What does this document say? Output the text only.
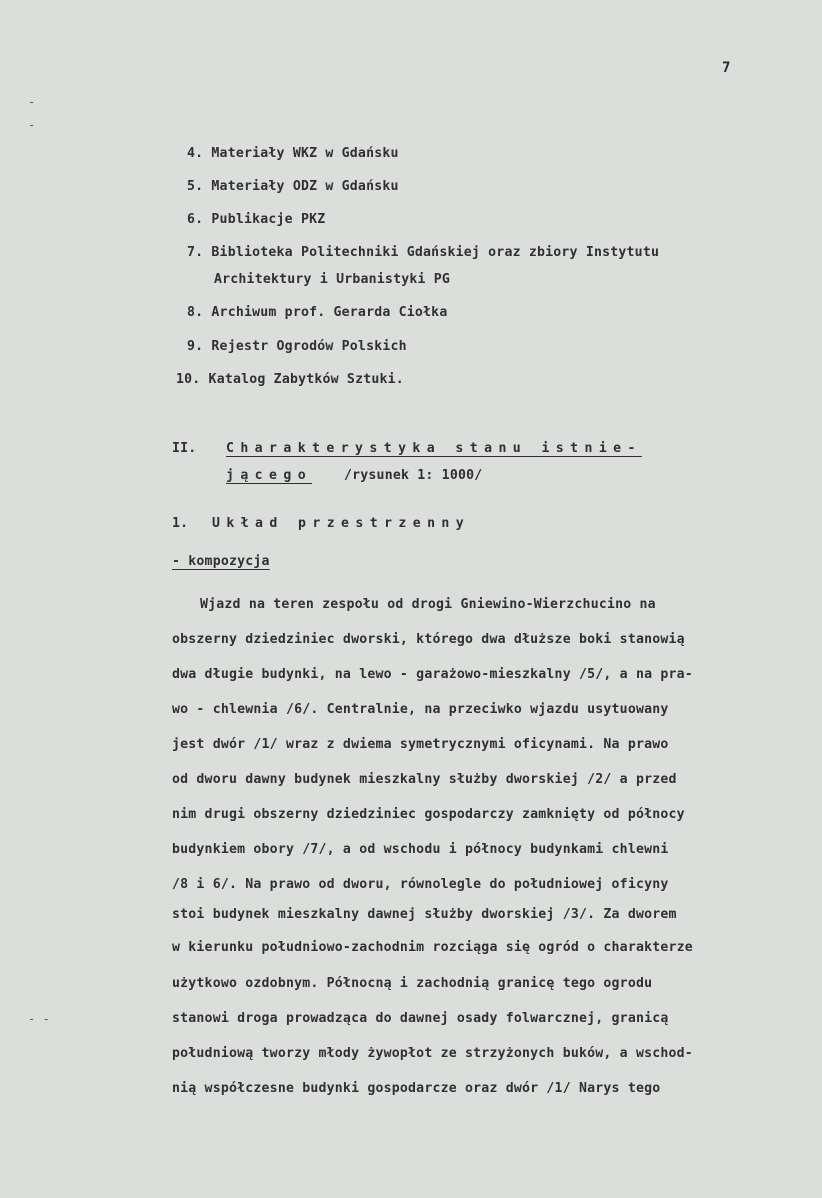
7
-
-
- -
4. Materiały WKZ w Gdańsku
5. Materiały ODZ w Gdańsku
6. Publikacje PKZ
7. Biblioteka Politechniki Gdańskiej oraz zbiory Instytutu
Architektury i Urbanistyki PG
8. Archiwum prof. Gerarda Ciołka
9. Rejestr Ogrodów Polskich
10. Katalog Zabytków Sztuki.
II. Charakterystyka stanu istnie-
jącego /rysunek 1: 1000/
1. Układ przestrzenny
- kompozycja
Wjazd na teren zespołu od drogi Gniewino-Wierzchucino na
obszerny dziedziniec dworski, którego dwa dłuższe boki stanowią
dwa długie budynki, na lewo - garażowo-mieszkalny /5/, a na pra-
wo - chlewnia /6/. Centralnie, na przeciwko wjazdu usytuowany
jest dwór /1/ wraz z dwiema symetrycznymi oficynami. Na prawo
od dworu dawny budynek mieszkalny służby dworskiej /2/ a przed
nim drugi obszerny dziedziniec gospodarczy zamknięty od północy
budynkiem obory /7/, a od wschodu i północy budynkami chlewni
/8 i 6/. Na prawo od dworu, równolegle do południowej oficyny
stoi budynek mieszkalny dawnej służby dworskiej /3/. Za dworem
w kierunku południowo-zachodnim rozciąga się ogród o charakterze
użytkowo ozdobnym. Północną i zachodnią granicę tego ogrodu
stanowi droga prowadząca do dawnej osady folwarcznej, granicą
południową tworzy młody żywopłot ze strzyżonych buków, a wschod-
nią współczesne budynki gospodarcze oraz dwór /1/ Narys tego
